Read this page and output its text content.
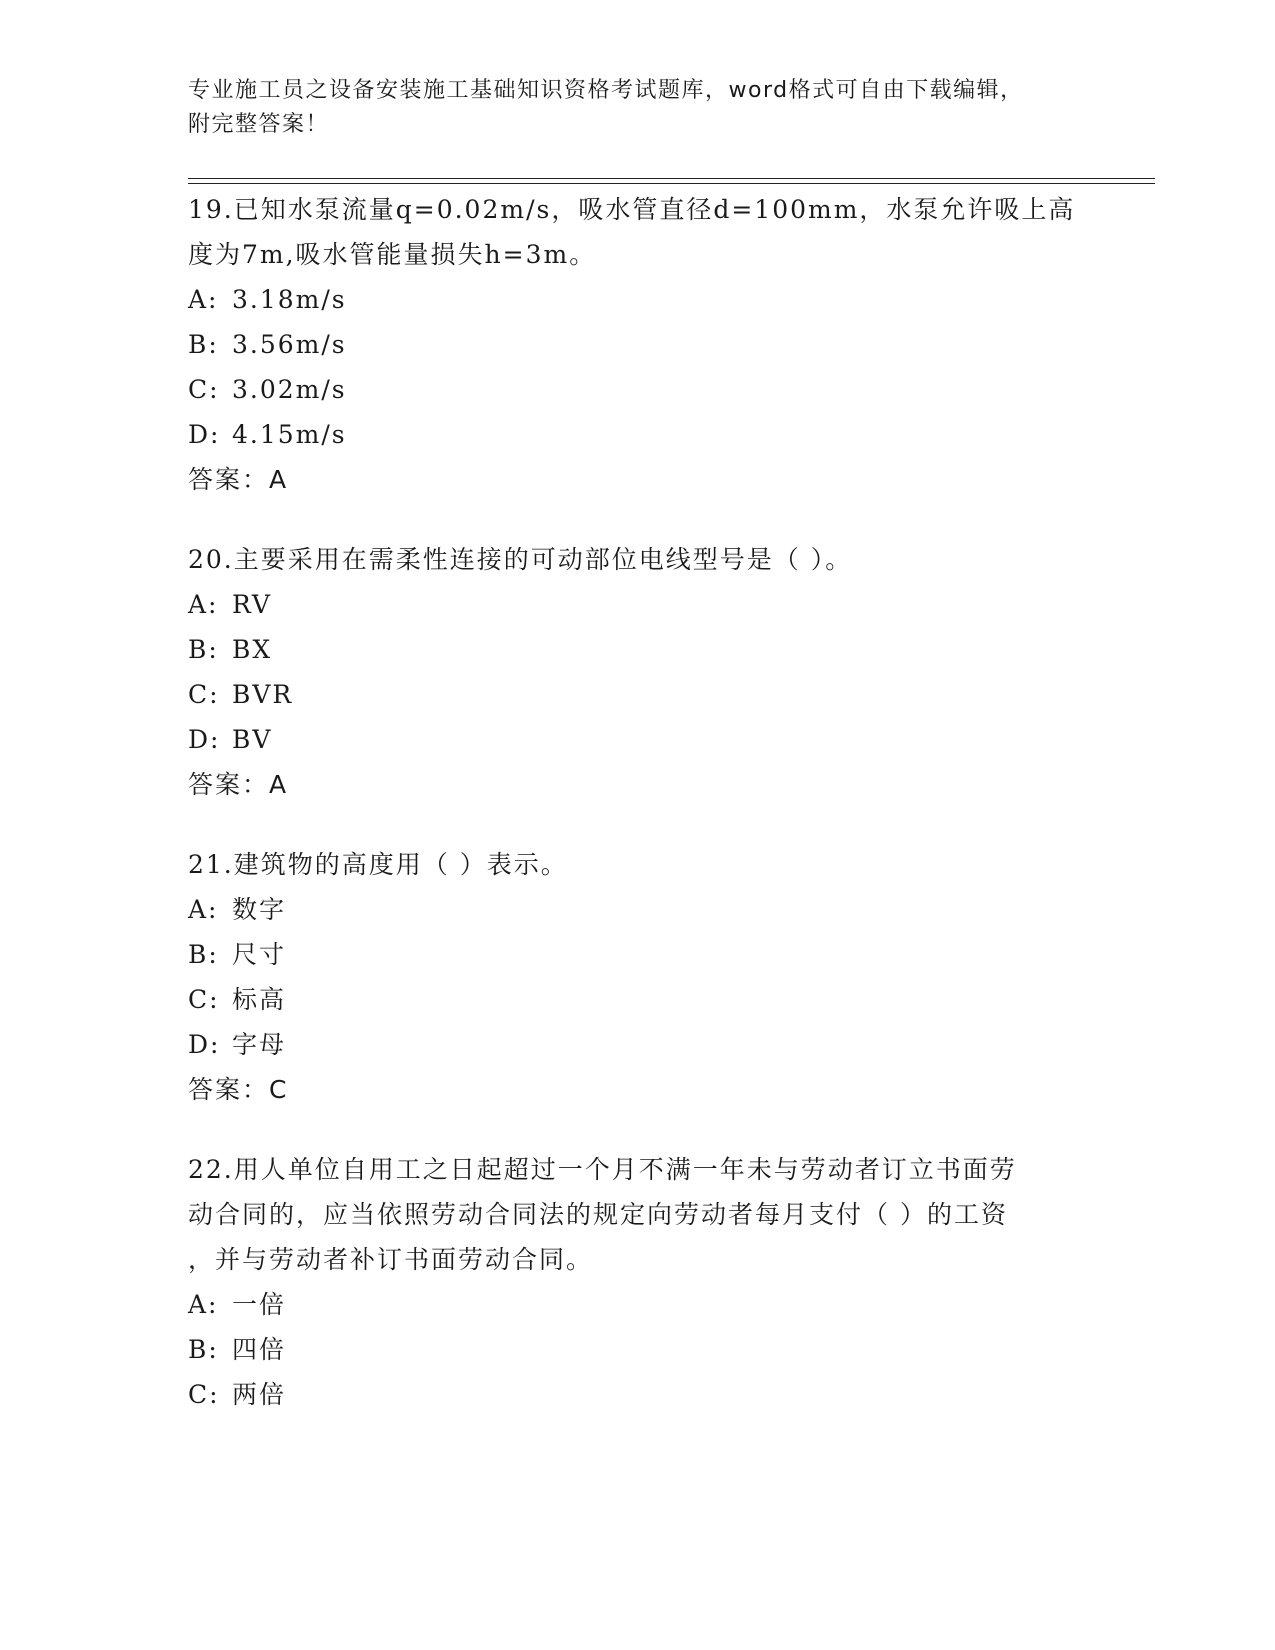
专业施工员之设备安装施工基础知识资格考试题库，word格式可自由下载编辑，
附完整答案！

19.已知水泵流量q=0.02m/s，吸水管直径d=100mm，水泵允许吸上高

度为7m,吸水管能量损失h=3m。

A: 3.18m/s

B: 3.56m/s

C: 3.02m/s

D: 4.15m/s

答案：A

20.主要采用在需柔性连接的可动部位电线型号是（ ）。

A: RV

B: BX

C: BVR

D: BV

答案：A

21.建筑物的高度用（ ）表示。

A: 数字

B: 尺寸

C: 标高

D: 字母

答案：C

22.用人单位自用工之日起超过一个月不满一年未与劳动者订立书面劳

动合同的，应当依照劳动合同法的规定向劳动者每月支付（ ）的工资

，并与劳动者补订书面劳动合同。

A: 一倍

B: 四倍

C: 两倍
